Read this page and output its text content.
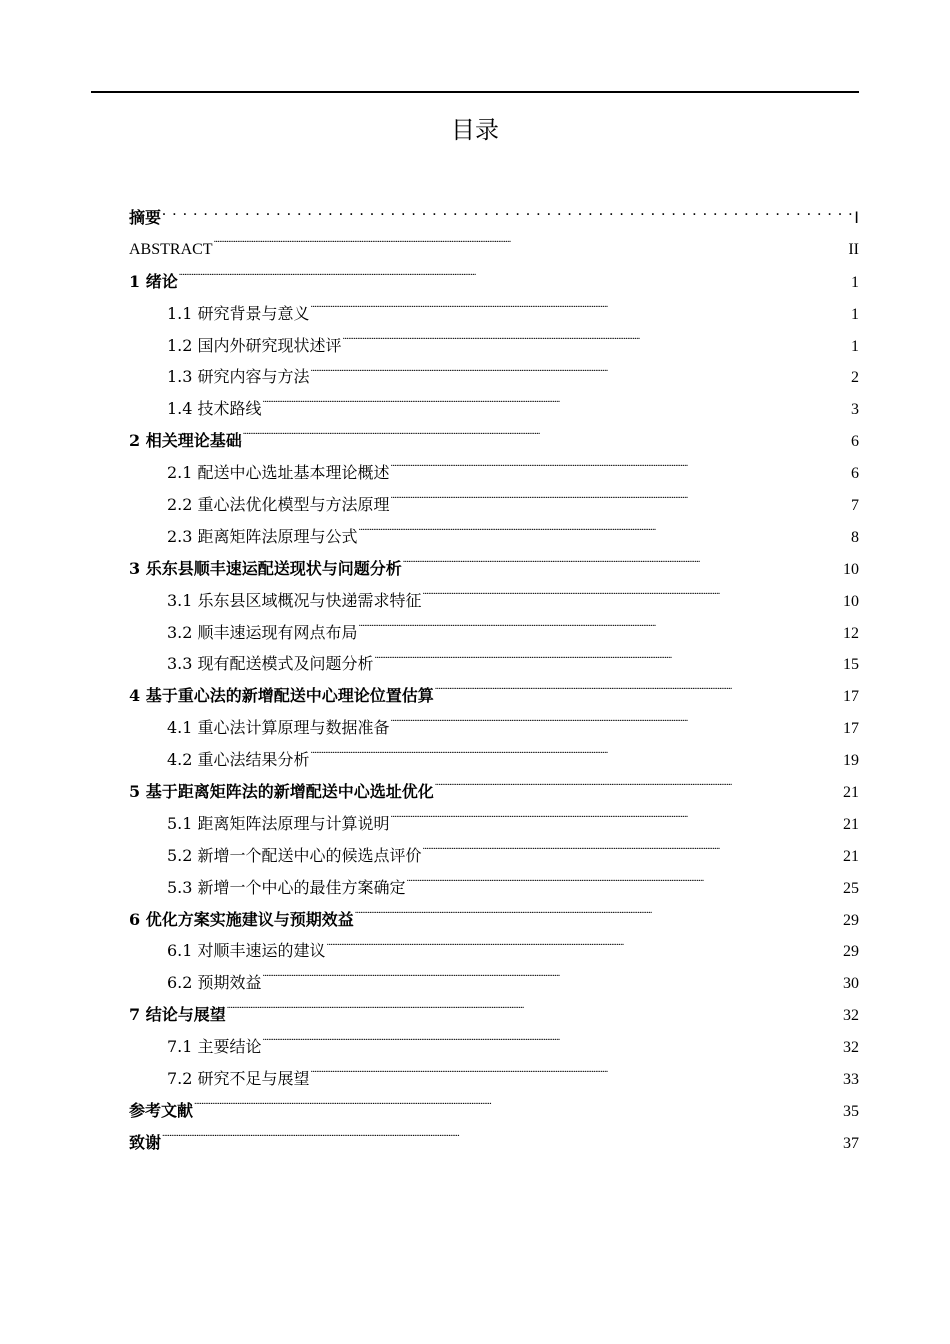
目录
摘要 . . .	Ⅰ
ABSTRACT . . .	II
1 绪论 . . .	1
1.1 研究背景与意义 . . .	1
1.2 国内外研究现状述评 . . .	1
1.3 研究内容与方法 . . .	2
1.4 技术路线 . . .	3
2 相关理论基础 . . .	6
2.1 配送中心选址基本理论概述 . . .	6
2.2 重心法优化模型与方法原理 . . .	7
2.3 距离矩阵法原理与公式 . . .	8
3 乐东县顺丰速运配送现状与问题分析 . . .	10
3.1 乐东县区域概况与快递需求特征 . . .	10
3.2 顺丰速运现有网点布局 . . .	12
3.3 现有配送模式及问题分析 . . .	15
4 基于重心法的新增配送中心理论位置估算 . . .	17
4.1 重心法计算原理与数据准备 . . .	17
4.2 重心法结果分析 . . .	19
5 基于距离矩阵法的新增配送中心选址优化 . . .	21
5.1 距离矩阵法原理与计算说明 . . .	21
5.2 新增一个配送中心的候选点评价 . . .	21
5.3 新增一个中心的最佳方案确定 . . .	25
6 优化方案实施建议与预期效益 . . .	29
6.1 对顺丰速运的建议 . . .	29
6.2 预期效益 . . .	30
7 结论与展望 . . .	32
7.1 主要结论 . . .	32
7.2 研究不足与展望 . . .	33
参考文献 . . .	35
致谢 . . .	37
